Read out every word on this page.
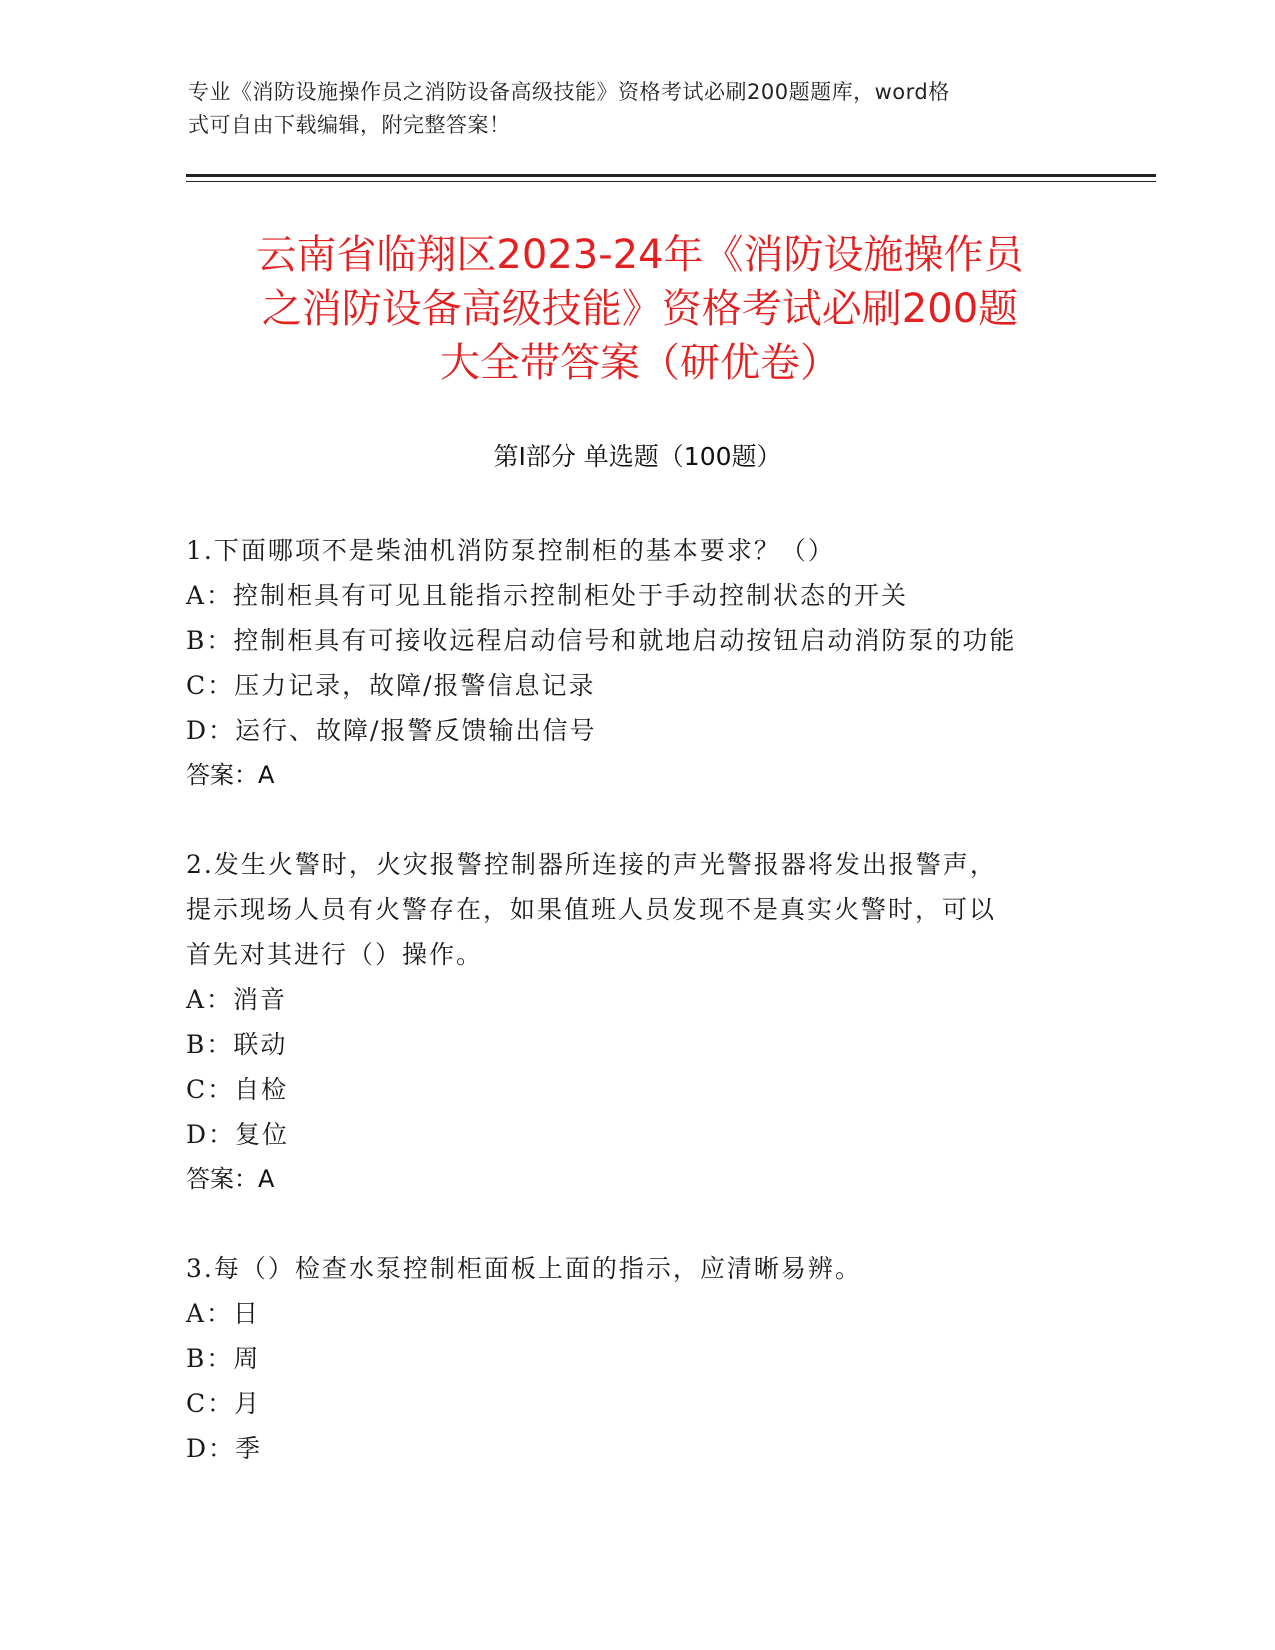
专业《消防设施操作员之消防设备高级技能》资格考试必刷200题题库，word格
式可自由下载编辑，附完整答案！
云南省临翔区2023-24年《消防设施操作员
之消防设备高级技能》资格考试必刷200题
大全带答案（研优卷）
第Ⅰ部分 单选题（100题）

1.下面哪项不是柴油机消防泵控制柜的基本要求？（）

A：控制柜具有可见且能指示控制柜处于手动控制状态的开关

B：控制柜具有可接收远程启动信号和就地启动按钮启动消防泵的功能

C：压力记录，故障/报警信息记录

D：运行、故障/报警反馈输出信号

答案：A

2.发生火警时，火灾报警控制器所连接的声光警报器将发出报警声，

提示现场人员有火警存在，如果值班人员发现不是真实火警时，可以

首先对其进行（）操作。

A：消音

B：联动

C：自检

D：复位

答案：A

3.每（）检查水泵控制柜面板上面的指示，应清晰易辨。

A：日

B：周

C：月

D：季
